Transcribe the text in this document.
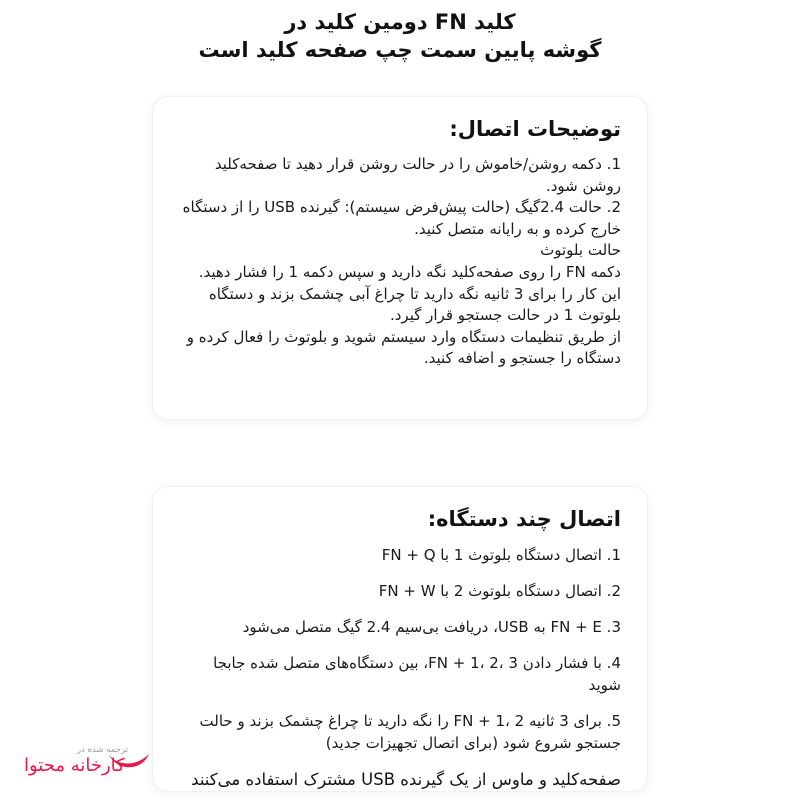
کلید FN دومین کلید در
گوشه پایین سمت چپ صفحه کلید است
توضیحات اتصال:

1. دکمه روشن/خاموش را در حالت روشن قرار دهید تا صفحه‌کلید روشن شود.

2. حالت 2.4گیگ (حالت پیش‌فرض سیستم): گیرنده USB را از دستگاه خارج کرده و به رایانه متصل کنید.

حالت بلوتوث

دکمه FN را روی صفحه‌کلید نگه دارید و سپس دکمه 1 را فشار دهید. این کار را برای 3 ثانیه نگه دارید تا چراغ آبی چشمک بزند و دستگاه بلوتوث 1 در حالت جستجو قرار گیرد.

از طریق تنظیمات دستگاه وارد سیستم شوید و بلوتوث را فعال کرده و دستگاه را جستجو و اضافه کنید.

اتصال چند دستگاه:

1. اتصال دستگاه بلوتوث 1 با FN + Q

2. اتصال دستگاه بلوتوث 2 با FN + W

3. FN + E به USB، دریافت بی‌سیم 2.4 گیگ متصل می‌شود

4. با فشار دادن FN + 1، 2، 3، بین دستگاه‌های متصل شده جابجا شوید

5. برای 3 ثانیه FN + 1، 2 را نگه دارید تا چراغ چشمک بزند و حالت جستجو شروع شود (برای اتصال تجهیزات جدید)

صفحه‌کلید و ماوس از یک گیرنده USB مشترک استفاده می‌کنند

ترجمه شده در
کارخانه محتوا
